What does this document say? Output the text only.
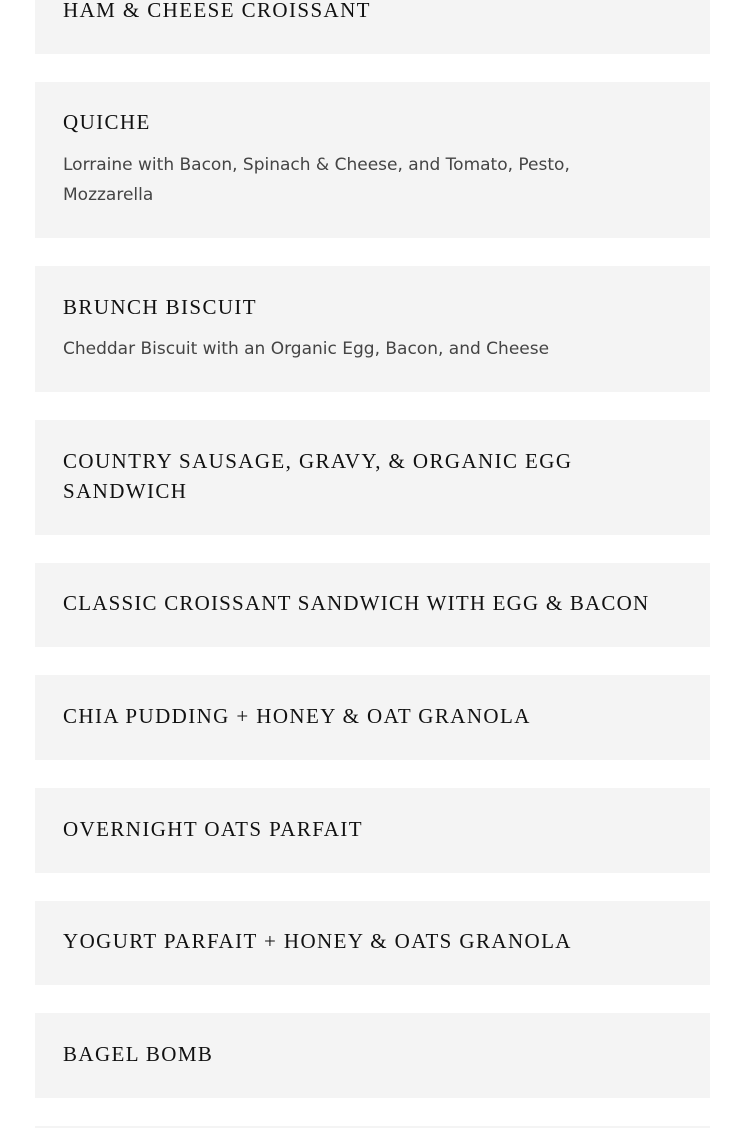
HAM & CHEESE CROISSANT
QUICHE

Lorraine with Bacon, Spinach & Cheese, and Tomato, Pesto, Mozzarella

BRUNCH BISCUIT

Cheddar Biscuit with an Organic Egg, Bacon, and Cheese

COUNTRY SAUSAGE, GRAVY, & ORGANIC EGG SANDWICH
CLASSIC CROISSANT SANDWICH WITH EGG & BACON
CHIA PUDDING + HONEY & OAT GRANOLA
OVERNIGHT OATS PARFAIT
YOGURT PARFAIT + HONEY & OATS GRANOLA
BAGEL BOMB
